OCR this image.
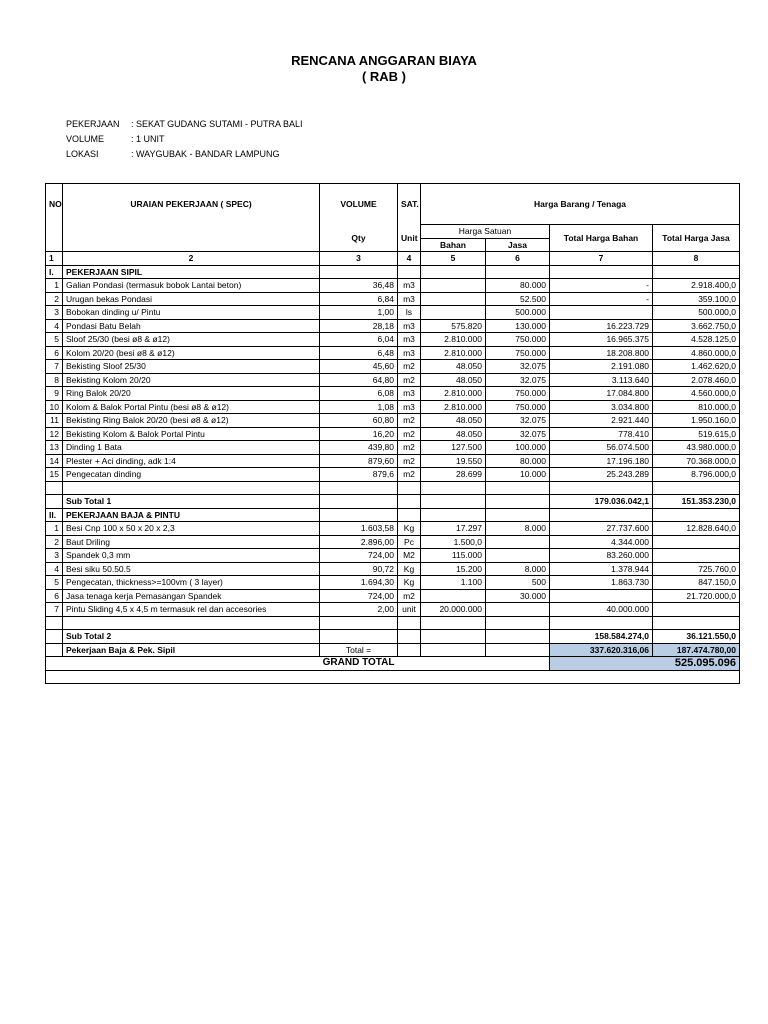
RENCANA ANGGARAN BIAYA
( RAB )
PEKERJAAN	: SEKAT GUDANG SUTAMI - PUTRA BALI
VOLUME	: 1 UNIT
LOKASI	: WAYGUBAK - BANDAR LAMPUNG
NO	URAIAN PEKERJAAN ( SPEC)	VOLUME	SAT.	Harga Barang / Tenaga			
		Qty	Unit	Harga Satuan		Total Harga Bahan	Total Harga Jasa
				Bahan	Jasa		
1	2	3	4	5	6	7	8
I.	PEKERJAAN SIPIL						
1	Galian Pondasi (termasuk bobok Lantai beton)	36,48	m3		80.000	-	2.918.400,0
2	Urugan bekas Pondasi	6,84	m3		52.500	-	359.100,0
3	Bobokan dinding u/ Pintu	1,00	ls		500.000		500.000,0
4	Pondasi Batu Belah	28,18	m3	575.820	130.000	16.223.729	3.662.750,0
5	Sloof 25/30 (besi ø8 & ø12)	6,04	m3	2.810.000	750.000	16.965.375	4.528.125,0
6	Kolom 20/20 (besi ø8 & ø12)	6,48	m3	2.810.000	750.000	18.208.800	4.860.000,0
7	Bekisting Sloof 25/30	45,60	m2	48.050	32.075	2.191.080	1.462.620,0
8	Bekisting Kolom 20/20	64,80	m2	48.050	32.075	3.113.640	2.078.460,0
9	Ring Balok 20/20	6,08	m3	2.810.000	750.000	17.084.800	4.560.000,0
10	Kolom & Balok Portal Pintu (besi ø8 & ø12)	1,08	m3	2.810.000	750.000	3.034.800	810.000,0
11	Bekisting Ring Balok 20/20 (besi ø8 & ø12)	60,80	m2	48.050	32.075	2.921.440	1.950.160,0
12	Bekisting Kolom & Balok Portal Pintu	16,20	m2	48.050	32.075	778.410	519.615,0
13	Dinding 1 Bata	439,80	m2	127.500	100.000	56.074.500	43.980.000,0
14	Plester + Aci dinding, adk 1:4	879,60	m2	19.550	80.000	17.196.180	70.368.000,0
15	Pengecatan dinding	879,6	m2	28.699	10.000	25.243.289	8.796.000,0

	Sub Total 1					179.036.042,1	151.353.230,0
II.	PEKERJAAN BAJA & PINTU						
1	Besi Cnp 100 x 50 x 20 x 2,3	1.603,58	Kg	17.297	8.000	27.737.600	12.828.640,0
2	Baut Driling	2.896,00	Pc	1.500,0		4.344.000	
3	Spandek 0,3 mm	724,00	M2	115.000		83.260.000	
4	Besi siku 50.50.5	90,72	Kg	15.200	8.000	1.378.944	725.760,0
5	Pengecatan, thickness>=100vm ( 3 layer)	1.694,30	Kg	1.100	500	1.863.730	847.150,0
6	Jasa tenaga kerja Pemasangan Spandek	724,00	m2		30.000		21.720.000,0
7	Pintu Sliding 4,5 x 4,5 m termasuk rel dan accesories	2,00	unit	20.000.000		40.000.000	

	Sub Total 2					158.584.274,0	36.121.550,0
	Pekerjaan Baja & Pek. Sipil	Total =				337.620.316,06	187.474.780,00
	GRAND TOTAL					525.095.096	
